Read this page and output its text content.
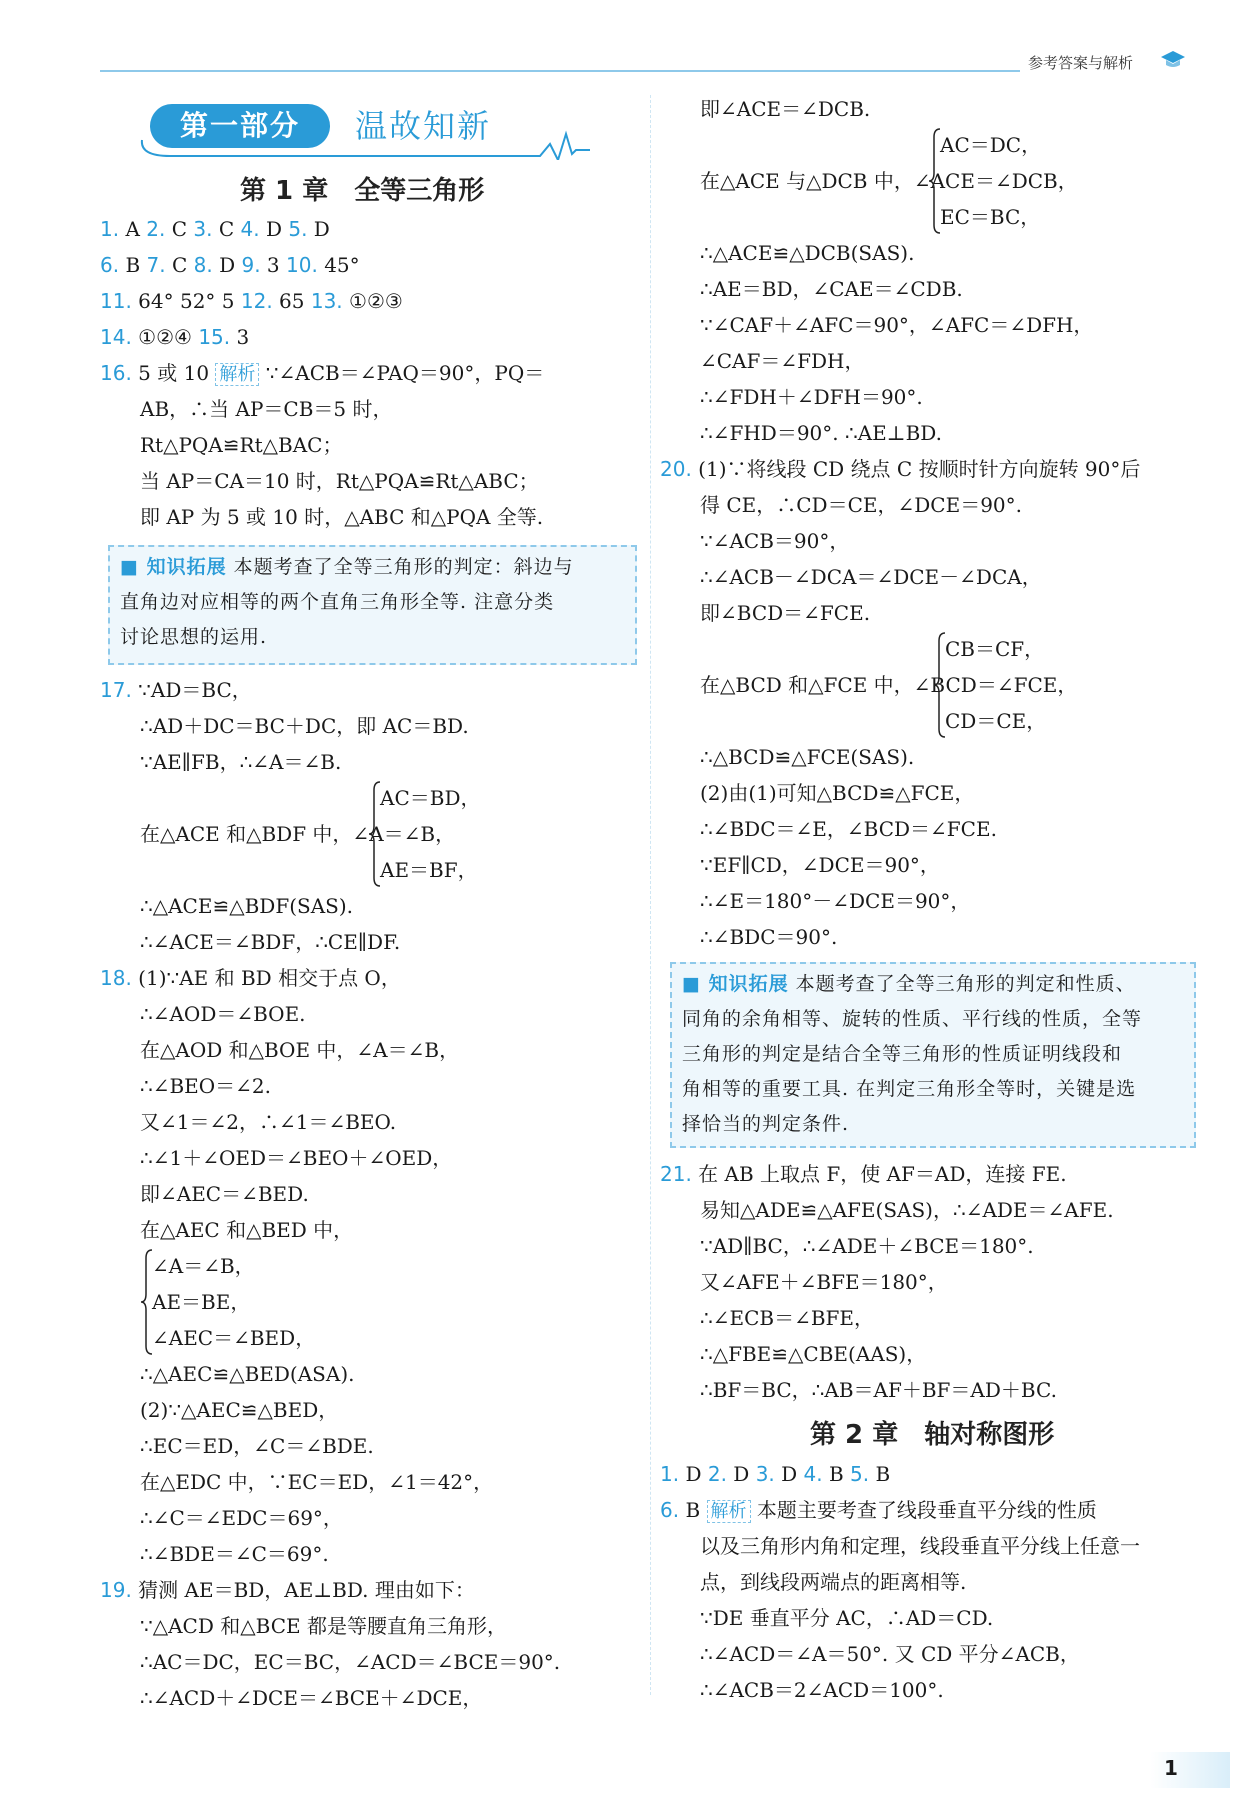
参考答案与解析
第一部分	温故知新
第 1 章　全等三角形
1. A 2. C 3. C 4. D 5. D
6. B 7. C 8. D 9. 3 10. 45°
11. 64° 52° 5 12. 65 13. ①②③
14. ①②④ 15. 3
16. 5 或 10 解析 ∵∠ACB＝∠PAQ＝90°，PQ＝
AB，∴当 AP＝CB＝5 时，
Rt△PQA≌Rt△BAC；
当 AP＝CA＝10 时，Rt△PQA≌Rt△ABC；
即 AP 为 5 或 10 时，△ABC 和△PQA 全等.
■ 知识拓展 本题考查了全等三角形的判定：斜边与
直角边对应相等的两个直角三角形全等. 注意分类
讨论思想的运用.
17. ∵AD＝BC，
∴AD＋DC＝BC＋DC，即 AC＝BD.
∵AE∥FB，∴∠A＝∠B.
AC＝BD，
在△ACE 和△BDF 中，∠A＝∠B，
AE＝BF，
∴△ACE≌△BDF(SAS).
∴∠ACE＝∠BDF，∴CE∥DF.
18. (1)∵AE 和 BD 相交于点 O，
∴∠AOD＝∠BOE.
在△AOD 和△BOE 中，∠A＝∠B，
∴∠BEO＝∠2.
又∠1＝∠2，∴∠1＝∠BEO.
∴∠1＋∠OED＝∠BEO＋∠OED，
即∠AEC＝∠BED.
在△AEC 和△BED 中，
∠A＝∠B，
AE＝BE，
∠AEC＝∠BED，
∴△AEC≌△BED(ASA).
(2)∵△AEC≌△BED，
∴EC＝ED，∠C＝∠BDE.
在△EDC 中，∵EC＝ED，∠1＝42°，
∴∠C＝∠EDC＝69°，
∴∠BDE＝∠C＝69°.
19. 猜测 AE＝BD，AE⊥BD. 理由如下：
∵△ACD 和△BCE 都是等腰直角三角形，
∴AC＝DC，EC＝BC，∠ACD＝∠BCE＝90°.
∴∠ACD＋∠DCE＝∠BCE＋∠DCE，
即∠ACE＝∠DCB.
AC＝DC，
在△ACE 与△DCB 中，∠ACE＝∠DCB，
EC＝BC，
∴△ACE≌△DCB(SAS).
∴AE＝BD，∠CAE＝∠CDB.
∵∠CAF＋∠AFC＝90°，∠AFC＝∠DFH，
∠CAF＝∠FDH，
∴∠FDH＋∠DFH＝90°.
∴∠FHD＝90°. ∴AE⊥BD.
20. (1)∵将线段 CD 绕点 C 按顺时针方向旋转 90°后
得 CE，∴CD＝CE，∠DCE＝90°.
∵∠ACB＝90°，
∴∠ACB－∠DCA＝∠DCE－∠DCA，
即∠BCD＝∠FCE.
CB＝CF，
在△BCD 和△FCE 中，∠BCD＝∠FCE，
CD＝CE，
∴△BCD≌△FCE(SAS).
(2)由(1)可知△BCD≌△FCE，
∴∠BDC＝∠E，∠BCD＝∠FCE.
∵EF∥CD，∠DCE＝90°，
∴∠E＝180°－∠DCE＝90°，
∴∠BDC＝90°.
■ 知识拓展 本题考查了全等三角形的判定和性质、
同角的余角相等、旋转的性质、平行线的性质，全等
三角形的判定是结合全等三角形的性质证明线段和
角相等的重要工具. 在判定三角形全等时，关键是选
择恰当的判定条件.
21. 在 AB 上取点 F，使 AF＝AD，连接 FE.
易知△ADE≌△AFE(SAS)，∴∠ADE＝∠AFE.
∵AD∥BC，∴∠ADE＋∠BCE＝180°.
又∠AFE＋∠BFE＝180°，
∴∠ECB＝∠BFE，
∴△FBE≌△CBE(AAS)，
∴BF＝BC，∴AB＝AF＋BF＝AD＋BC.
第 2 章　轴对称图形
1. D 2. D 3. D 4. B 5. B
6. B 解析 本题主要考查了线段垂直平分线的性质
以及三角形内角和定理，线段垂直平分线上任意一
点，到线段两端点的距离相等.
∵DE 垂直平分 AC，∴AD＝CD.
∴∠ACD＝∠A＝50°. 又 CD 平分∠ACB，
∴∠ACB＝2∠ACD＝100°.
1
